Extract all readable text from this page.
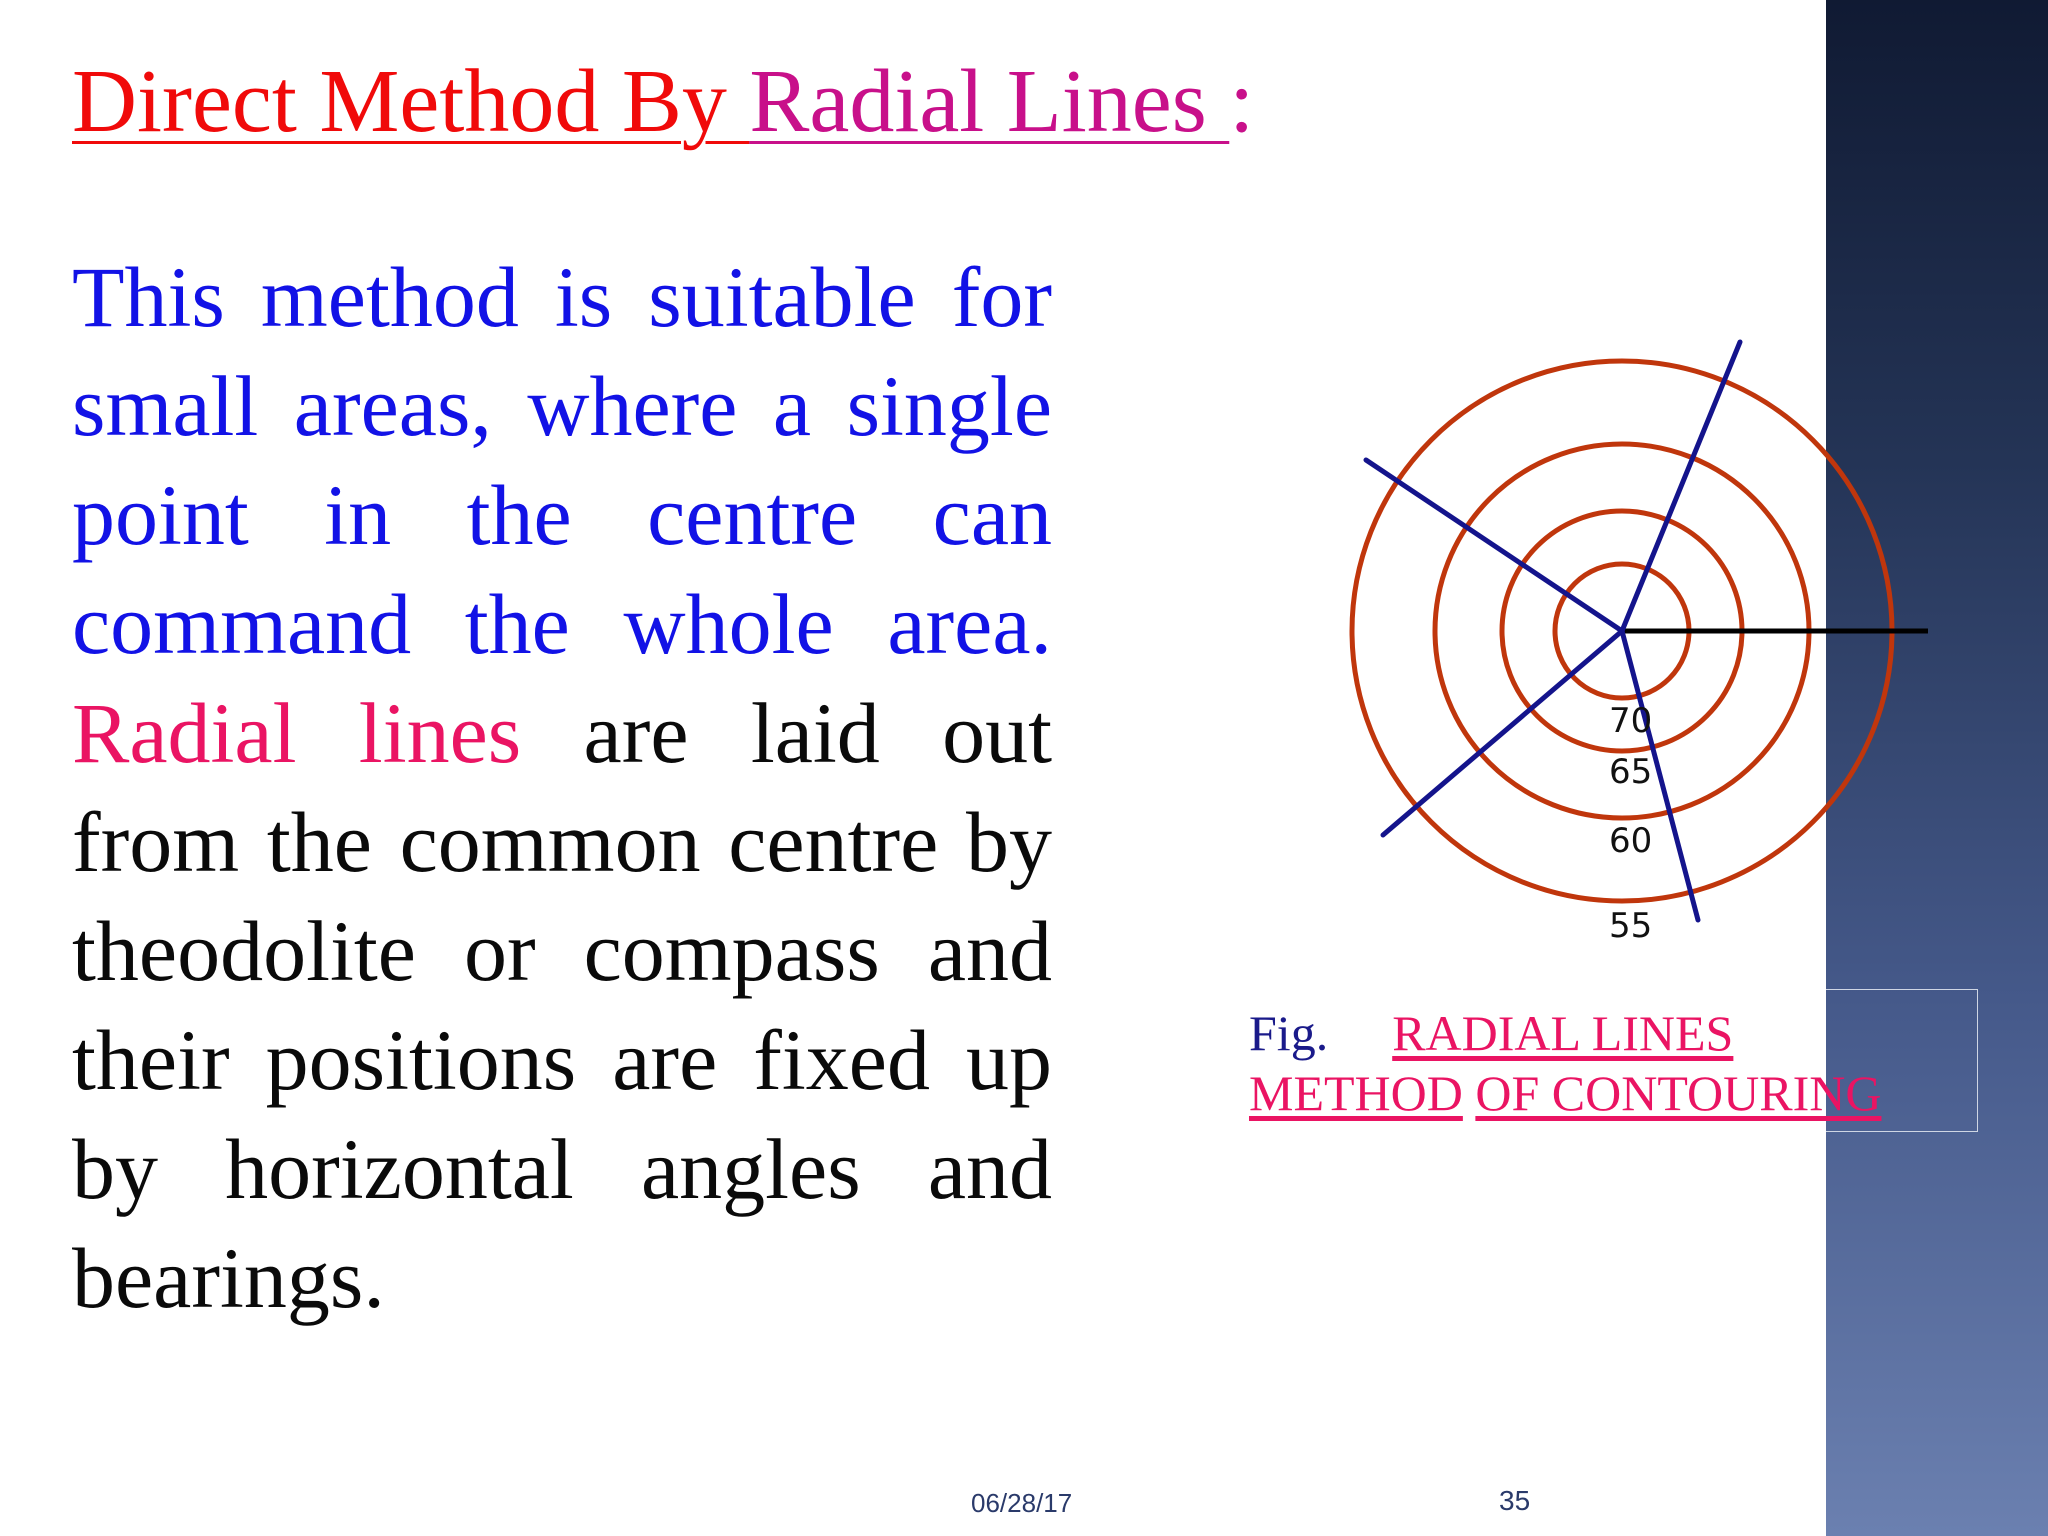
Direct Method By Radial Lines :
This method is suitable for small areas, where a single point in the centre can command the whole area. Radial lines are laid out from the common centre by theodolite or compass and their positions are fixed up by horizontal angles and bearings.
70
65
60
55
Fig. RADIAL LINES
METHOD OF CONTOURING
06/28/17	35
